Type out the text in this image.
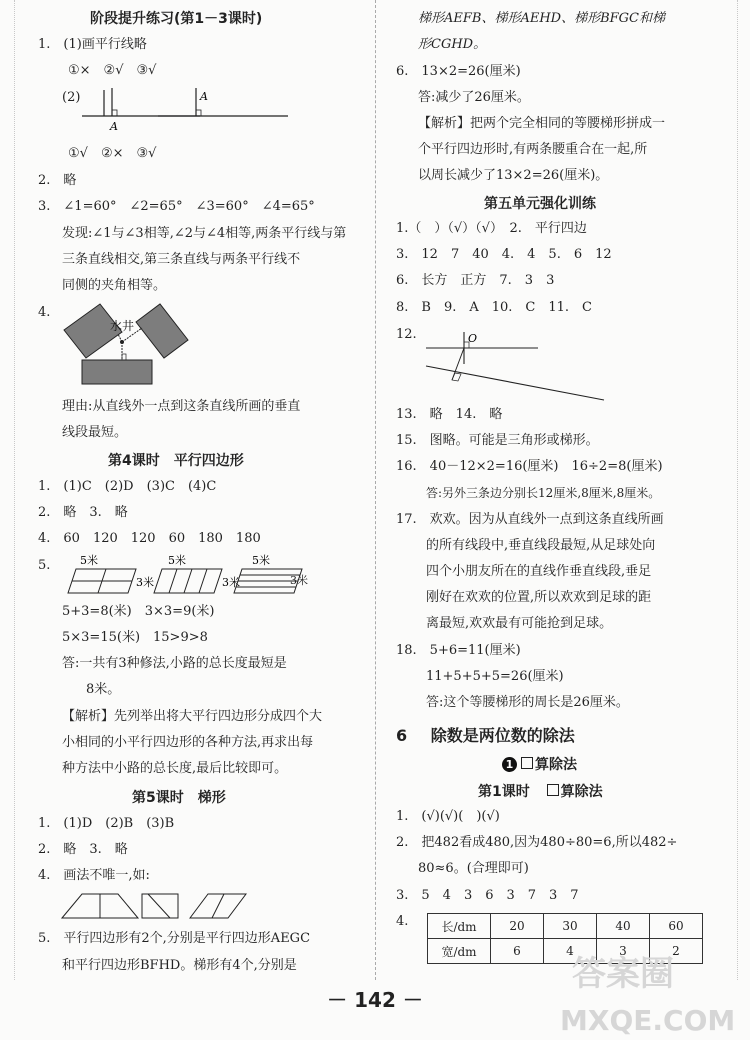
阶段提升练习(第1－3课时)
1.　(1)画平行线略
①×　②√　③√
(2)
A
A
①√　②×　③√
2.　略
3.　∠1=60°　∠2=65°　∠3=60°　∠4=65°
发现:∠1与∠3相等,∠2与∠4相等,两条平行线与第
三条直线相交,第三条直线与两条平行线不
同侧的夹角相等。
4.
水井
理由:从直线外一点到这条直线所画的垂直
线段最短。
第4课时　平行四边形
1.　(1)C　(2)D　(3)C　(4)C
2.　略　3.　略
4.　60　120　120　60　180　180
5.	5米
3米
5米
3米
5米
3米
5+3=8(米)　3×3=9(米)
5×3=15(米)　15>9>8
答:一共有3种修法,小路的总长度最短是
8米。
【解析】先列举出将大平行四边形分成四个大
小相同的小平行四边形的各种方法,再求出每
种方法中小路的总长度,最后比较即可。
第5课时　梯形
1.　(1)D　(2)B　(3)B
2.　略　3.　略
4.　画法不唯一,如:
5.　平行四边形有2个,分别是平行四边形AEGC
和平行四边形BFHD。梯形有4个,分别是
梯形AEFB、梯形AEHD、梯形BFGC和梯
形CGHD。
6.　13×2=26(厘米)
答:减少了26厘米。
【解析】把两个完全相同的等腰梯形拼成一
个平行四边形时,有两条腰重合在一起,所
以周长减少了13×2=26(厘米)。
第五单元强化训练
1.（　）（√）（√）　2.　平行四边
3.　12　7　40　4.　4　5.　6　12
6.　长方　正方　7.　3　3
8.　B　9.　A　10.　C　11.　C
12.	O
13.　略　14.　略
15.　图略。可能是三角形或梯形。
16.　40－12×2=16(厘米)　16÷2=8(厘米)
答:另外三条边分别长12厘米,8厘米,8厘米。
17.　欢欢。因为从直线外一点到这条直线所画
的所有线段中,垂直线段最短,从足球处向
四个小朋友所在的直线作垂直线段,垂足
刚好在欢欢的位置,所以欢欢到足球的距
离最短,欢欢最有可能抢到足球。
18.　5+6=11(厘米)
11+5+5+5=26(厘米)
答:这个等腰梯形的周长是26厘米。
6 除数是两位数的除法
1 算除法
第1课时 算除法
1.　(√)(√)(　)(√)
2.　把482看成480,因为480÷80=6,所以482÷
80≈6。(合理即可)
3.　5　4　3　6　3　7　3　7
4.	长/dm	20	30	40	60
宽/dm	6	4	3	2
－ 142 －
答案圈
MXQE.COM
